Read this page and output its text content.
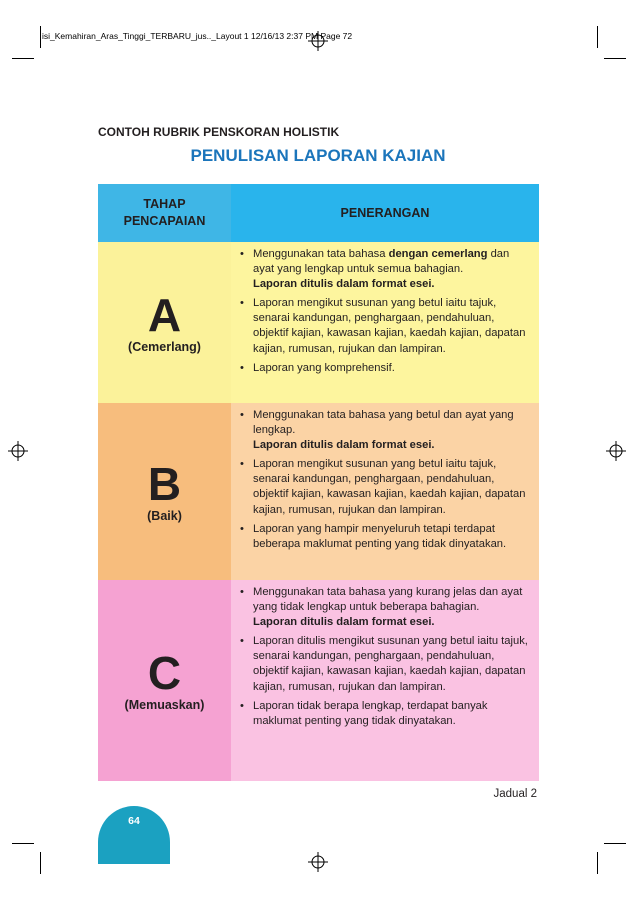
isi_Kemahiran_Aras_Tinggi_TERBARU_jus.._Layout 1 12/16/13 2:37 PM Page 72
CONTOH RUBRIK PENSKORAN HOLISTIK
PENULISAN LAPORAN KAJIAN
TAHAP
PENCAPAIAN
PENERANGAN
A
(Cemerlang)
• Menggunakan tata bahasa dengan cemerlang dan ayat yang lengkap untuk semua bahagian.
Laporan ditulis dalam format esei.
• Laporan mengikut susunan yang betul iaitu tajuk, senarai kandungan, penghargaan, pendahuluan, objektif kajian, kawasan kajian, kaedah kajian, dapatan kajian, rumusan, rujukan dan lampiran.
• Laporan yang komprehensif.
B
(Baik)
• Menggunakan tata bahasa yang betul dan ayat yang lengkap.
Laporan ditulis dalam format esei.
• Laporan mengikut susunan yang betul iaitu tajuk, senarai kandungan, penghargaan, pendahuluan, objektif kajian, kawasan kajian, kaedah kajian, dapatan kajian, rumusan, rujukan dan lampiran.
• Laporan yang hampir menyeluruh tetapi terdapat beberapa maklumat penting yang tidak dinyatakan.
C
(Memuaskan)
• Menggunakan tata bahasa yang kurang jelas dan ayat yang tidak lengkap untuk beberapa bahagian.
Laporan ditulis dalam format esei.
• Laporan ditulis mengikut susunan yang betul iaitu tajuk, senarai kandungan, penghargaan, pendahuluan, objektif kajian, kawasan kajian, kaedah kajian, dapatan kajian, rumusan, rujukan dan lampiran.
• Laporan tidak berapa lengkap, terdapat banyak maklumat penting yang tidak dinyatakan.
Jadual 2
64
